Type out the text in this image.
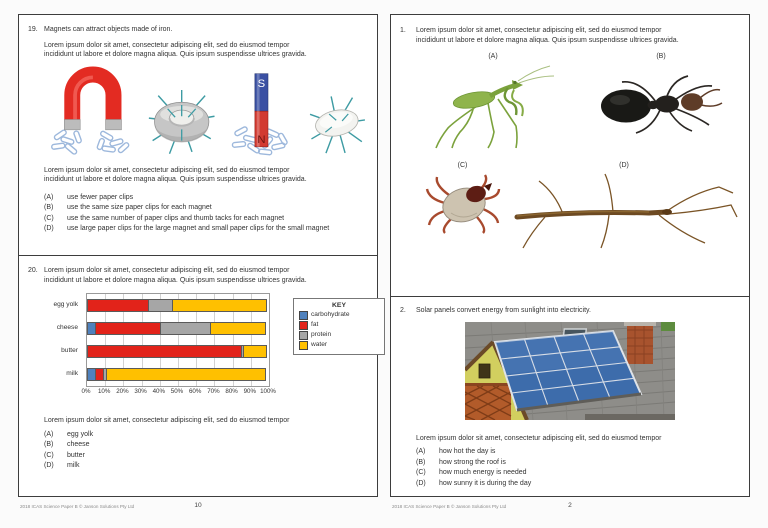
19. Magnets can attract objects made of iron.
Lorem ipsum dolor sit amet, consectetur adipiscing elit, sed do eiusmod tempor
incididunt ut labore et dolore magna aliqua. Quis ipsum suspendisse ultrices gravida.
S
N
Lorem ipsum dolor sit amet, consectetur adipiscing elit, sed do eiusmod tempor
incididunt ut labore et dolore magna aliqua. Quis ipsum suspendisse ultrices gravida.
(A)	use fewer paper clips
(B)	use the same size paper clips for each magnet
(C)	use the same number of paper clips and thumb tacks for each magnet
(D)	use large paper clips for the large magnet and small paper clips for the small magnet
20. Lorem ipsum dolor sit amet, consectetur adipiscing elit, sed do eiusmod tempor
incididunt ut labore et dolore magna aliqua. Quis ipsum suspendisse ultrices gravida.
egg yolk
cheese
butter
milk
0% 10% 20% 30% 40% 50% 60% 70% 80% 90% 100%
KEY
carbohydrate
fat
protein
water
Lorem ipsum dolor sit amet, consectetur adipiscing elit, sed do eiusmod tempor
(A)	egg yolk
(B)	cheese
(C)	butter
(D)	milk
1.	Lorem ipsum dolor sit amet, consectetur adipiscing elit, sed do eiusmod tempor
incididunt ut labore et dolore magna aliqua. Quis ipsum suspendisse ultrices gravida.
(A)	(B)
(C)	(D)
2.	Solar panels convert energy from sunlight into electricity.
Lorem ipsum dolor sit amet, consectetur adipiscing elit, sed do eiusmod tempor
(A)	how hot the day is
(B)	how strong the roof is
(C)	how much energy is needed
(D)	how sunny it is during the day
2018 ICAS Science Paper B © Janson Solutions Pty Ltd	10	2018 ICAS Science Paper B © Janson Solutions Pty Ltd	2
